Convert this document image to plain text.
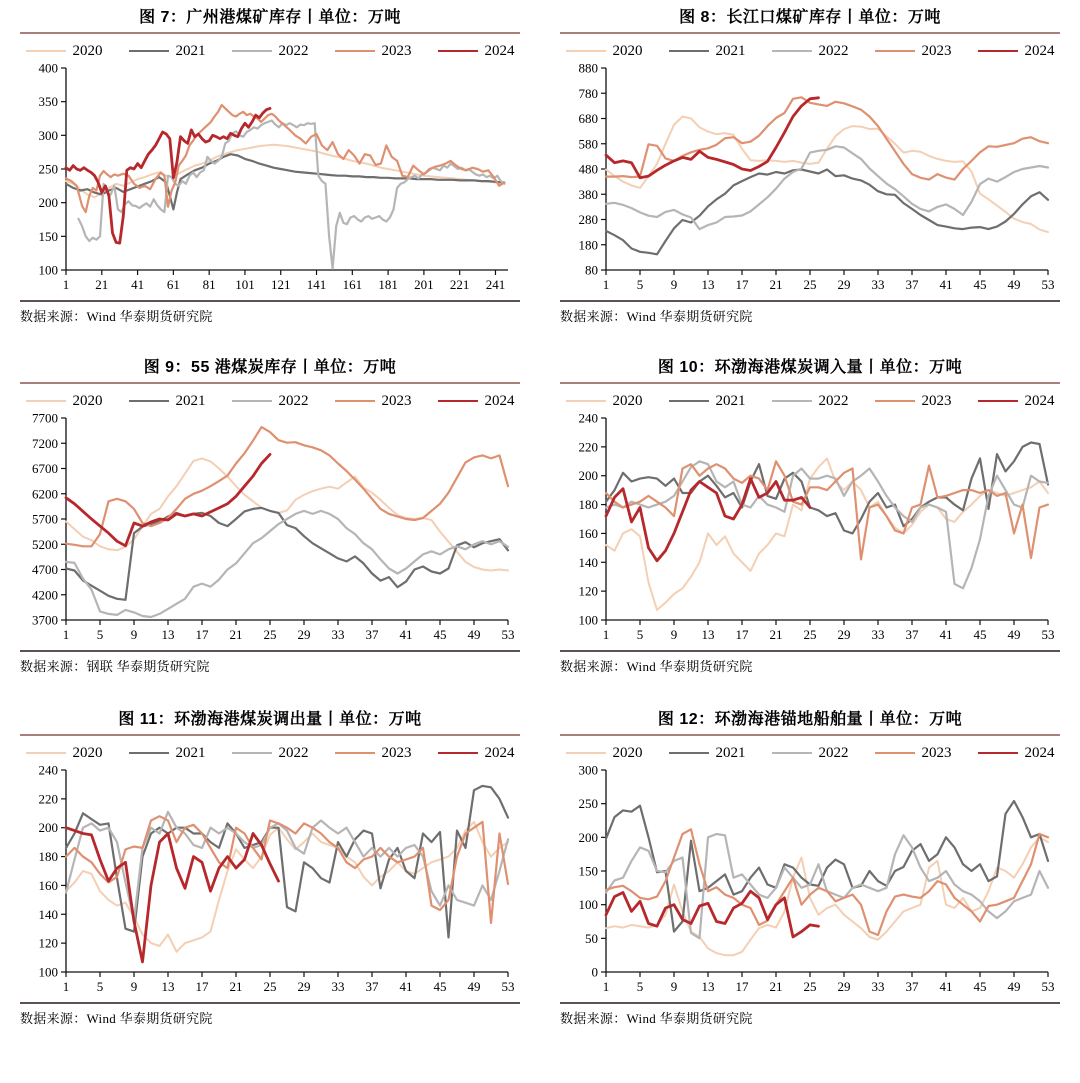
图 7：广州港煤矿库存丨单位：万吨
2020	2021	2022	2023	2024
100
150
200
250
300
350
400
1 21 41 61 81 101 121 141 161 181 201 221 241

数据来源：Wind 华泰期货研究院

图 8：长江口煤矿库存丨单位：万吨
2020	2021	2022	2023	2024
80
180
280
380
480
580
680
780
880
1 5 9 13 17 21 25 29 33 37 41 45 49 53

数据来源：Wind 华泰期货研究院

图 9：55 港煤炭库存丨单位：万吨
2020	2021	2022	2023	2024
3700
4200
4700
5200
5700
6200
6700
7200
7700
1 5 9 13 17 21 25 29 33 37 41 45 49 53

数据来源：钢联 华泰期货研究院

图 10：环渤海港煤炭调入量丨单位：万吨
2020	2021	2022	2023	2024
100
120
140
160
180
200
220
240
1 5 9 13 17 21 25 29 33 37 41 45 49 53

数据来源：Wind 华泰期货研究院

图 11：环渤海港煤炭调出量丨单位：万吨
2020	2021	2022	2023	2024
100
120
140
160
180
200
220
240
1 5 9 13 17 21 25 29 33 37 41 45 49 53

数据来源：Wind 华泰期货研究院

图 12：环渤海港锚地船舶量丨单位：万吨
2020	2021	2022	2023	2024
0
50
100
150
200
250
300
1 5 9 13 17 21 25 29 33 37 41 45 49 53

数据来源：Wind 华泰期货研究院
